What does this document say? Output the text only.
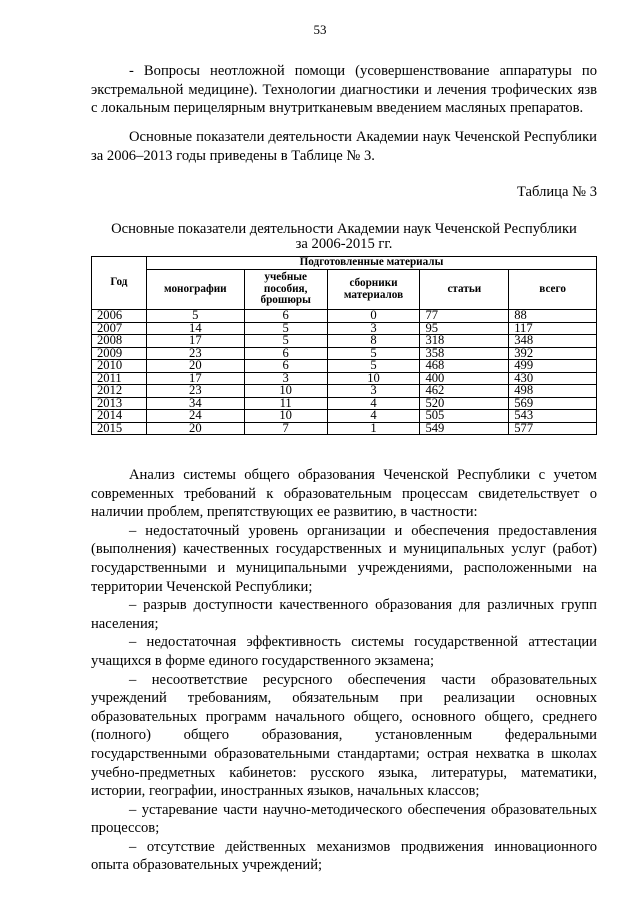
53
- Вопросы неотложной помощи (усовершенствование аппаратуры по экстремальной медицине). Технологии диагностики и лечения трофических язв с локальным перицелярным внутритканевым введением масляных препаратов.
Основные показатели деятельности Академии наук Чеченской Республики за 2006–2013 годы приведены в Таблице № 3.
Таблица № 3
Основные показатели деятельности Академии наук Чеченской Республики
за 2006-2015 гг.
Год	Подготовленные материалы				
	монографии	учебные пособия, брошюры	сборники материалов	статьи	всего
2006	5	6	0	77	88
2007	14	5	3	95	117
2008	17	5	8	318	348
2009	23	6	5	358	392
2010	20	6	5	468	499
2011	17	3	10	400	430
2012	23	10	3	462	498
2013	34	11	4	520	569
2014	24	10	4	505	543
2015	20	7	1	549	577
Анализ системы общего образования Чеченской Республики с учетом современных требований к образовательным процессам свидетельствует о наличии проблем, препятствующих ее развитию, в частности:
– недостаточный уровень организации и обеспечения предоставления (выполнения) качественных государственных и муниципальных услуг (работ) государственными и муниципальными учреждениями, расположенными на территории Чеченской Республики;
– разрыв доступности качественного образования для различных групп населения;
– недостаточная эффективность системы государственной аттестации учащихся в форме единого государственного экзамена;
– несоответствие ресурсного обеспечения части образовательных учреждений требованиям, обязательным при реализации основных образовательных программ начального общего, основного общего, среднего (полного) общего образования, установленным федеральными государственными образовательными стандартами; острая нехватка в школах учебно-предметных кабинетов: русского языка, литературы, математики, истории, географии, иностранных языков, начальных классов;
– устаревание части научно-методического обеспечения образовательных процессов;
– отсутствие действенных механизмов продвижения инновационного опыта образовательных учреждений;
